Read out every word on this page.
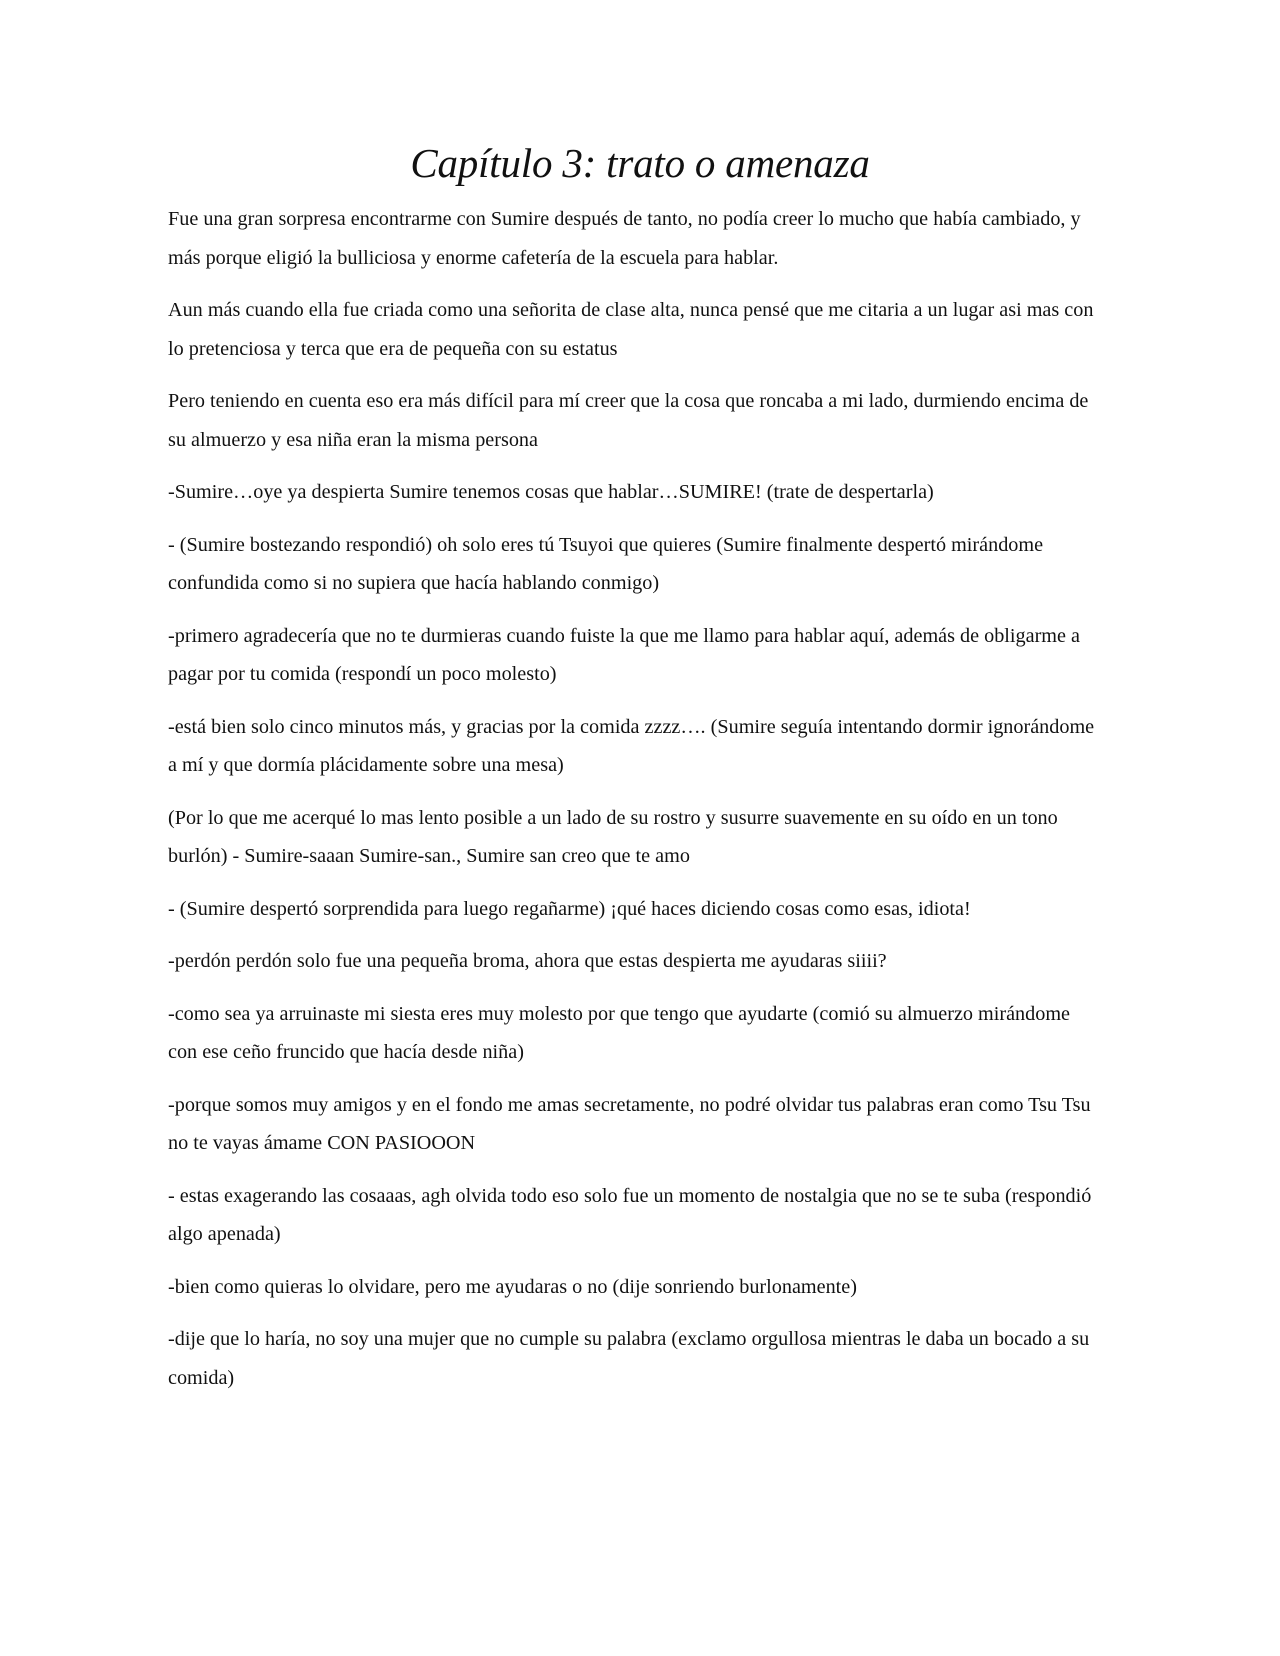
Capítulo 3: trato o amenaza

Fue una gran sorpresa encontrarme con Sumire después de tanto, no podía creer lo mucho que había cambiado, y más porque eligió la bulliciosa y enorme cafetería de la escuela para hablar.

Aun más cuando ella fue criada como una señorita de clase alta, nunca pensé que me citaria a un lugar asi mas con lo pretenciosa y terca que era de pequeña con su estatus

Pero teniendo en cuenta eso era más difícil para mí creer que la cosa que roncaba a mi lado, durmiendo encima de su almuerzo y esa niña eran la misma persona

-Sumire…oye ya despierta Sumire tenemos cosas que hablar…SUMIRE! (trate de despertarla)

- (Sumire bostezando respondió) oh solo eres tú Tsuyoi que quieres (Sumire finalmente despertó mirándome confundida como si no supiera que hacía hablando conmigo)

-primero agradecería que no te durmieras cuando fuiste la que me llamo para hablar aquí, además de obligarme a pagar por tu comida (respondí un poco molesto)

-está bien solo cinco minutos más, y gracias por la comida zzzz…. (Sumire seguía intentando dormir ignorándome a mí y que dormía plácidamente sobre una mesa)

(Por lo que me acerqué lo mas lento posible a un lado de su rostro y susurre suavemente en su oído en un tono burlón) - Sumire-saaan Sumire-san., Sumire san creo que te amo

- (Sumire despertó sorprendida para luego regañarme) ¡qué haces diciendo cosas como esas, idiota!

-perdón perdón solo fue una pequeña broma, ahora que estas despierta me ayudaras siiii?

-como sea ya arruinaste mi siesta eres muy molesto por que tengo que ayudarte (comió su almuerzo mirándome con ese ceño fruncido que hacía desde niña)

-porque somos muy amigos y en el fondo me amas secretamente, no podré olvidar tus palabras eran como Tsu Tsu no te vayas ámame CON PASIOOON

- estas exagerando las cosaaas, agh olvida todo eso solo fue un momento de nostalgia que no se te suba (respondió algo apenada)

-bien como quieras lo olvidare, pero me ayudaras o no (dije sonriendo burlonamente)

-dije que lo haría, no soy una mujer que no cumple su palabra (exclamo orgullosa mientras le daba un bocado a su comida)
